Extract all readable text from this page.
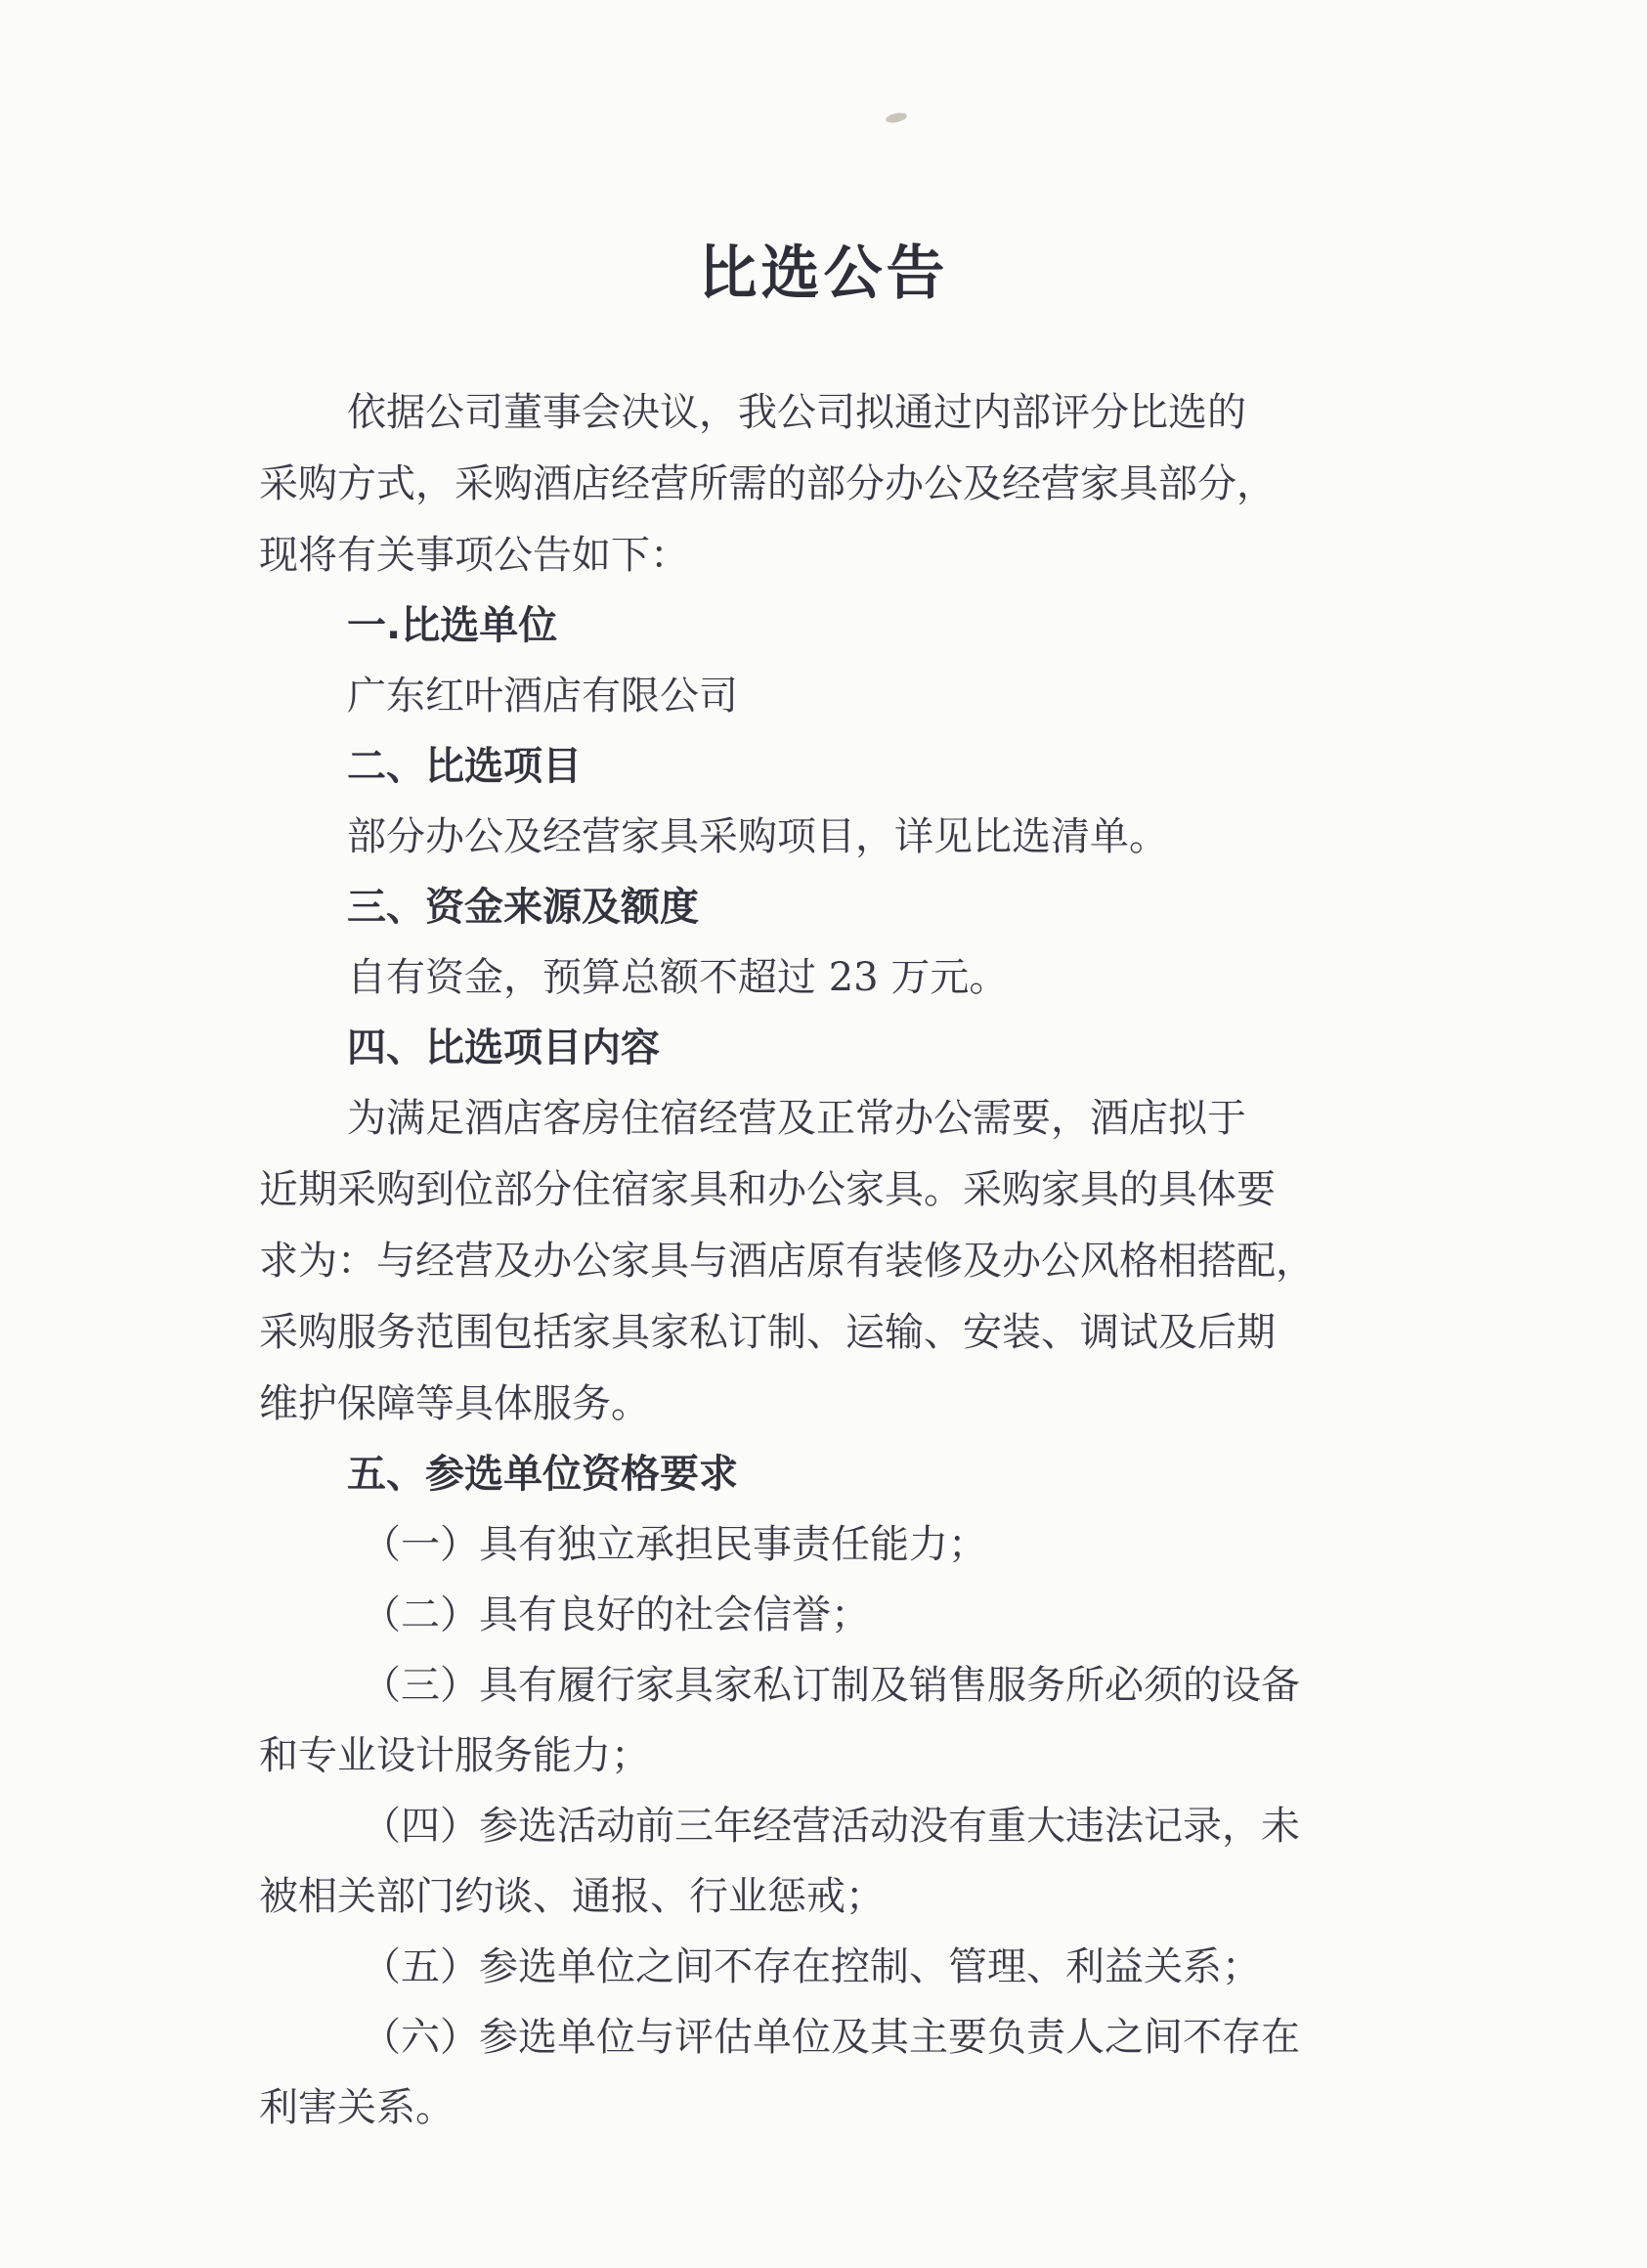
比选公告

依据公司董事会决议，我公司拟通过内部评分比选的

采购方式，采购酒店经营所需的部分办公及经营家具部分，

现将有关事项公告如下：

一.比选单位

广东红叶酒店有限公司

二、比选项目

部分办公及经营家具采购项目，详见比选清单。

三、资金来源及额度

自有资金，预算总额不超过 23 万元。

四、比选项目内容

为满足酒店客房住宿经营及正常办公需要，酒店拟于

近期采购到位部分住宿家具和办公家具。采购家具的具体要

求为：与经营及办公家具与酒店原有装修及办公风格相搭配，

采购服务范围包括家具家私订制、运输、安装、调试及后期

维护保障等具体服务。

五、参选单位资格要求

（一）具有独立承担民事责任能力；

（二）具有良好的社会信誉；

（三）具有履行家具家私订制及销售服务所必须的设备

和专业设计服务能力；

（四）参选活动前三年经营活动没有重大违法记录，未

被相关部门约谈、通报、行业惩戒；

（五）参选单位之间不存在控制、管理、利益关系；

（六）参选单位与评估单位及其主要负责人之间不存在

利害关系。
